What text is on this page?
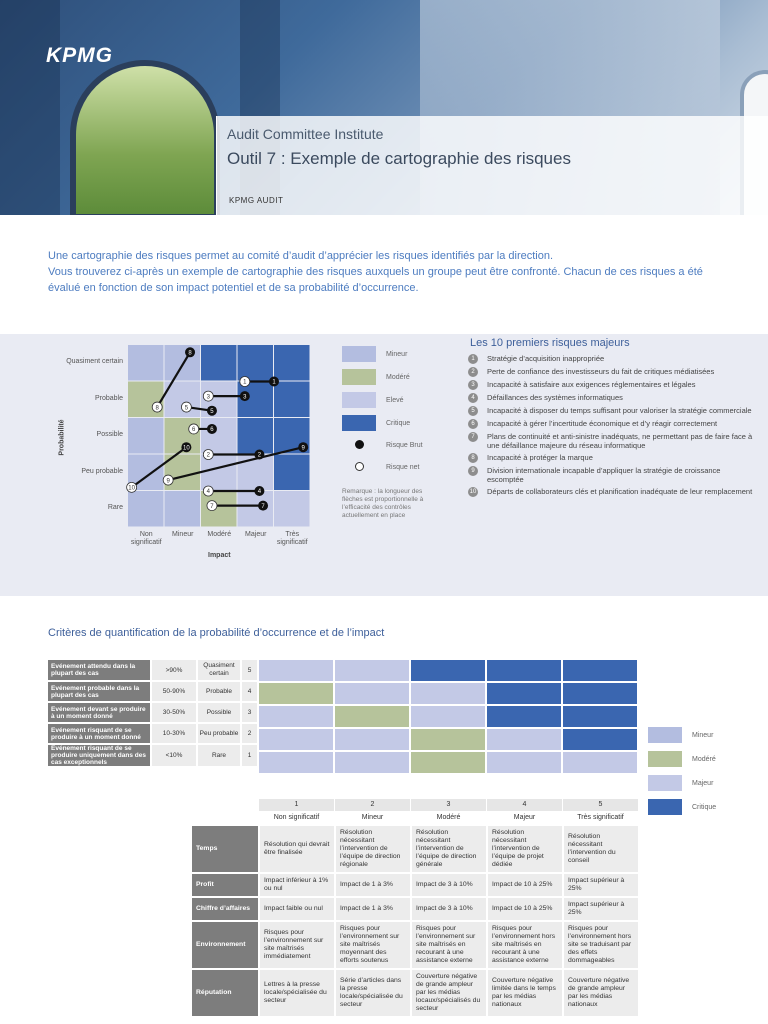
KPMG
Audit Committee Institute
Outil 7 : Exemple de cartographie des risques
KPMG AUDIT
Une cartographie des risques permet au comité d’audit d’apprécier les risques identifiés par la direction.
Vous trouverez ci-après un exemple de cartographie des risques auxquels un groupe peut être confronté. Chacun de ces risques a été évalué en fonction de son impact potentiel et de sa probabilité d’occurrence.
Quasiment certain
Probable
Possible
Peu probable
Rare
Non significatif
Mineur	Modéré	Majeur	Très significatif
Probabilité
Impact
1
1
2
2
3
3
4
4
5
5
6
6
7
7
8
8
9
9
10
10
Mineur
Modéré
Elevé
Critique
Risque Brut
Risque net
Remarque : la longueur des flèches est proportionnelle à l’efficacité des contrôles actuellement en place
Les 10 premiers risques majeurs
1	Stratégie d’acquisition inappropriée
2	Perte de confiance des investisseurs du fait de critiques médiatisées
3	Incapacité à satisfaire aux exigences réglementaires et légales
4	Défaillances des systèmes informatiques
5	Incapacité à disposer du temps suffisant pour valoriser la stratégie commerciale
6	Incapacité à gérer l’incertitude économique et d’y réagir correctement
7	Plans de continuité et anti-sinistre inadéquats, ne permettant pas de faire face à une défaillance majeure du réseau informatique
8	Incapacité à protéger la marque
9	Division internationale incapable d’appliquer la stratégie de croissance escomptée
10 Départs de collaborateurs clés et planification inadéquate de leur remplacement
Critères de quantification de la probabilité d’occurrence et de l’impact
Evénement attendu dans la plupart des cas	>90%	Quasiment certain	5
Evénement probable dans la plupart des cas	50-90%	Probable	4
Evénement devant se produire à un moment donné	30-50%	Possible	3
Evénement risquant de se produire à un moment donné	10-30%	Peu probable	2
Evénement risquant de se produire uniquement dans des cas exceptionnels	<10%	Rare	1
Mineur
Modéré
Majeur
Critique
1	2	3	4	5
Non significatif	Mineur	Modéré	Majeur	Très significatif
Temps	Résolution qui devrait être finalisée	Résolution nécessitant l’intervention de l’équipe de direction régionale	Résolution nécessitant l’intervention de l’équipe de direction générale	Résolution nécessitant l’intervention de l’équipe de projet dédiée	Résolution nécessitant l’intervention du conseil
Profit	Impact inférieur à 1% ou nul	Impact de 1 à 3%	Impact de 3 à 10%	Impact de 10 à 25%	Impact supérieur à 25%
Chiffre d’affaires	Impact faible ou nul	Impact de 1 à 3%	Impact de 3 à 10%	Impact de 10 à 25%	Impact supérieur à 25%
Environnement	Risques pour l’environnement sur site maîtrisés immédiatement	Risques pour l’environnement sur site maîtrisés moyennant des efforts soutenus	Risques pour l’environnement sur site maîtrisés en recourant à une assistance externe	Risques pour l’environnement hors site maîtrisés en recourant à une assistance externe	Risques pour l’environnement hors site se traduisant par des effets dommageables
Réputation	Lettres à la presse locale/spécialisée du secteur	Série d’articles dans la presse locale/spécialisée du secteur	Couverture négative de grande ampleur par les médias locaux/spécialisés du secteur	Couverture négative limitée dans le temps par les médias nationaux	Couverture négative de grande ampleur par les médias nationaux
